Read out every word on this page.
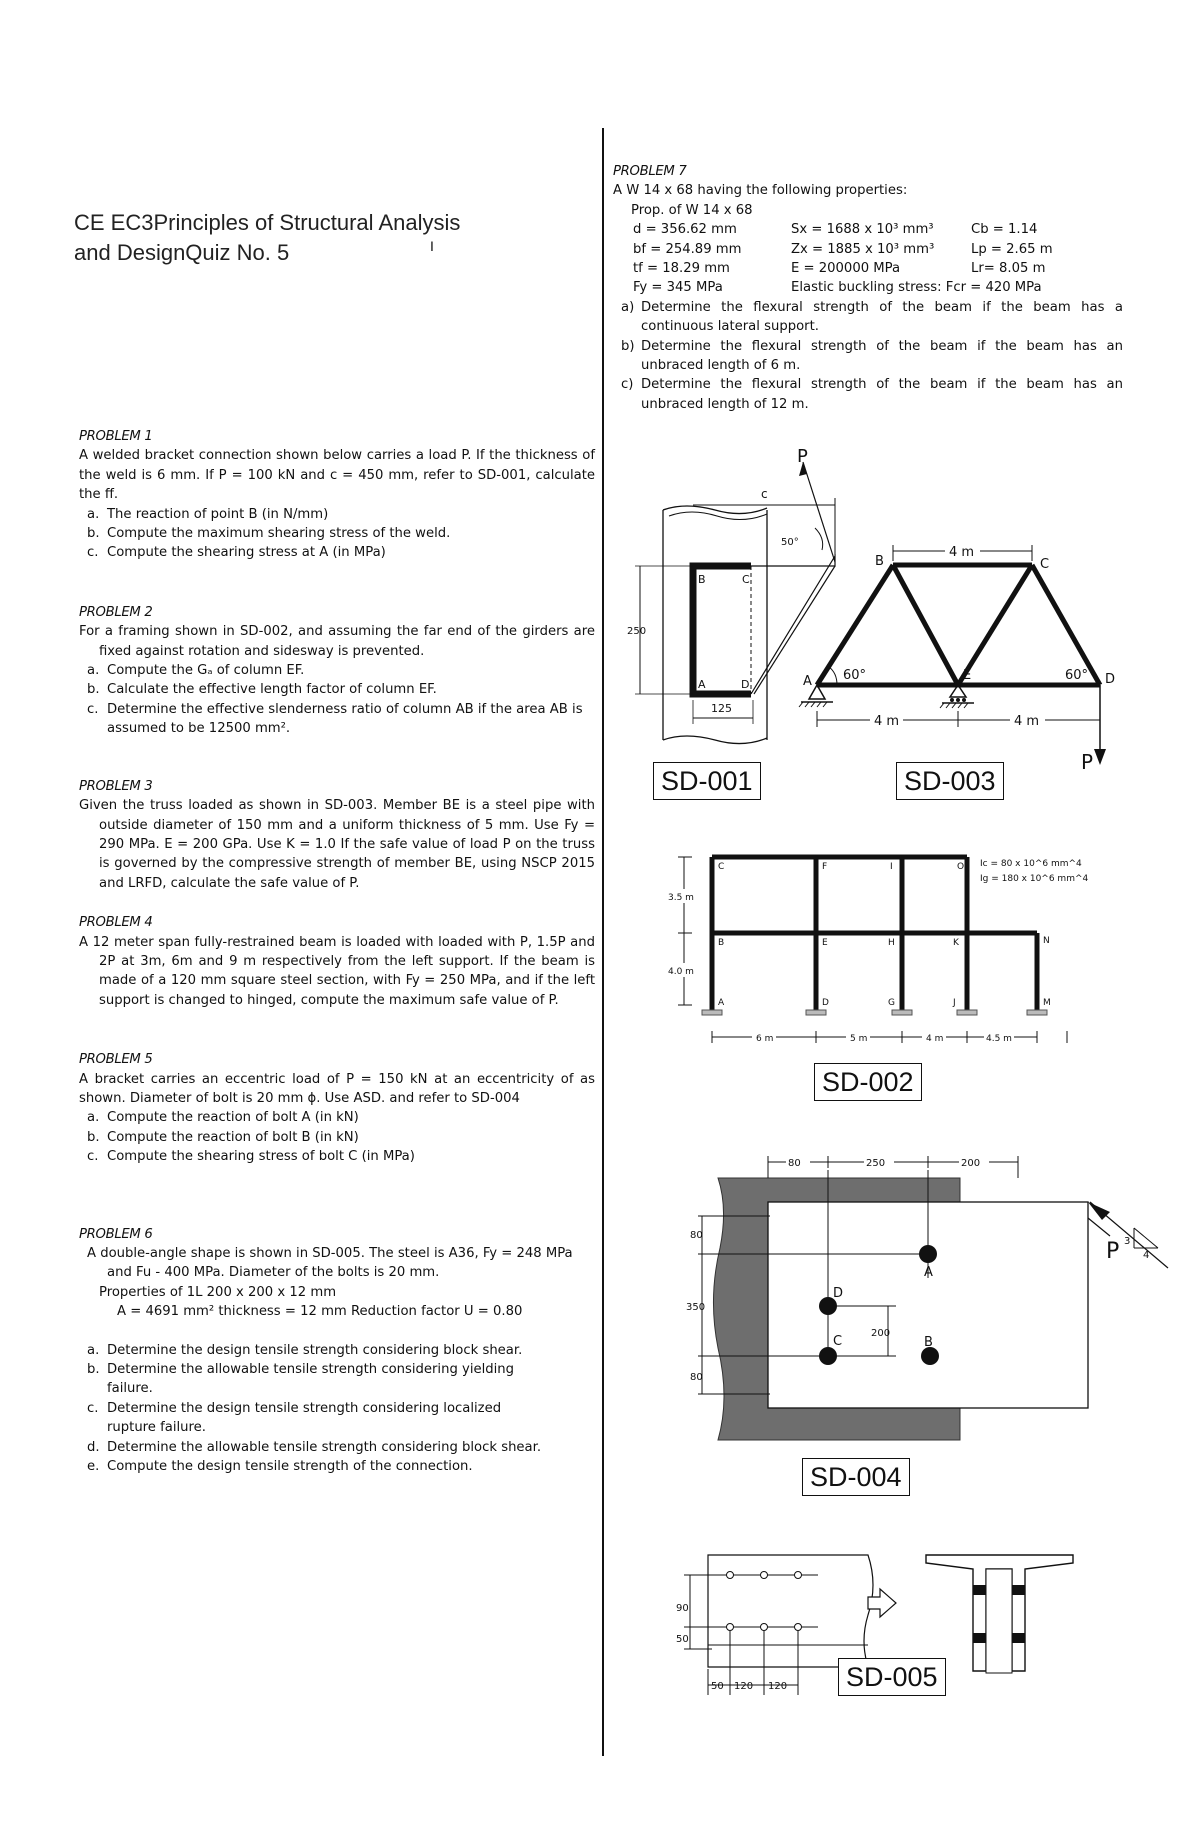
CE EC3Principles of Structural Analysis
and DesignQuiz No. 5	I

PROBLEM 1

A welded bracket connection shown below carries a load P. If the thickness of the weld is 6 mm. If P = 100 kN and c = 450 mm, refer to SD-001, calculate the ff.

a. The reaction of point B (in N/mm)
b. Compute the maximum shearing stress of the weld.
c. Compute the shearing stress at A (in MPa)

PROBLEM 2

For a framing shown in SD-002, and assuming the far end of the girders are fixed against rotation and sidesway is prevented.

a. Compute the Gₐ of column EF.
b. Calculate the effective length factor of column EF.
c. Determine the effective slenderness ratio of column AB if the area AB is assumed to be 12500 mm².

PROBLEM 3

Given the truss loaded as shown in SD-003. Member BE is a steel pipe with outside diameter of 150 mm and a uniform thickness of 5 mm. Use Fy = 290 MPa. E = 200 GPa. Use K = 1.0 If the safe value of load P on the truss is governed by the compressive strength of member BE, using NSCP 2015 and LRFD, calculate the safe value of P.

PROBLEM 4

A 12 meter span fully-restrained beam is loaded with loaded with P, 1.5P and 2P at 3m, 6m and 9 m respectively from the left support. If the beam is made of a 120 mm square steel section, with Fy = 250 MPa, and if the left support is changed to hinged, compute the maximum safe value of P.

PROBLEM 5

A bracket carries an eccentric load of P = 150 kN at an eccentricity of as shown. Diameter of bolt is 20 mm ϕ. Use ASD. and refer to SD-004

a. Compute the reaction of bolt A (in kN)
b. Compute the reaction of bolt B (in kN)
c. Compute the shearing stress of bolt C (in MPa)

PROBLEM 6

A double-angle shape is shown in SD-005. The steel is A36, Fy = 248 MPa and Fu - 400 MPa. Diameter of the bolts is 20 mm.

Properties of 1L 200 x 200 x 12 mm

A = 4691 mm² thickness = 12 mm Reduction factor U = 0.80

a. Determine the design tensile strength considering block shear.
b. Determine the allowable tensile strength considering yielding failure.
c. Determine the design tensile strength considering localized rupture failure.
d. Determine the allowable tensile strength considering block shear.
e. Compute the design tensile strength of the connection.

PROBLEM 7

A W 14 x 68 having the following properties:

Prop. of W 14 x 68

d = 356.62 mm	Sx = 1688 x 10³ mm³	Cb = 1.14
bf = 254.89 mm	Zx = 1885 x 10³ mm³	Lp = 2.65 m
tf = 18.29 mm	E = 200000 MPa	Lr= 8.05 m
Fy = 345 MPa	Elastic buckling stress: Fcr = 420 MPa
a) Determine the flexural strength of the beam if the beam has a continuous lateral support.
b) Determine the flexural strength of the beam if the beam has an unbraced length of 6 m.
c) Determine the flexural strength of the beam if the beam has an unbraced length of 12 m.
c
P
50°
250
125
B	C
A	D
SD-001
4 m
4 m	4 m
P
60°	60°
A
B	C
D
E
SD-003
3.5 m
4.0 m
6 m	5 m	4 m	4.5 m
Ic = 80 x 10^6 mm^4
Ig = 180 x 10^6 mm^4
C	F	I	O
B	E	H	K	N
A	D	G	J	M
SD-002
80	250	200
80
350
80
200
A
D
C	B
3
4
P
SD-004
90
50
50 120 120 SD-005
